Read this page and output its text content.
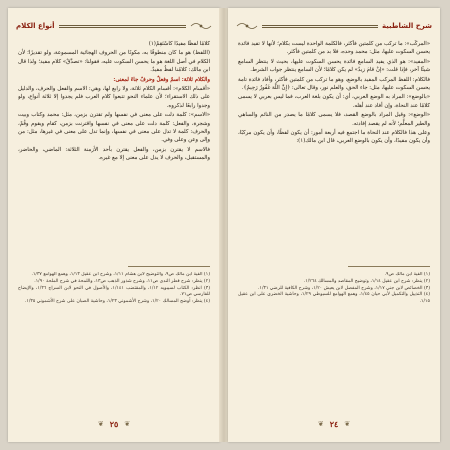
أنواع الكلام

كلامًا لفظًا مفيدًا كاسْتَقِمْ(١)

(اللفظ) هو ما كان منطوقًا به، مكونًا من الحروف الهجائية المسموعة، ولو تقديرًا؛ لأن الكلام في أصل اللغة هو ما يحسن السكوت عليه، فقولنا: «تصدَّقْ» كلام مفيد؛ ولذا قال ابن مالك: كلامُنا لفظٌ مفيدٌ.

والكلام ثلاثة: اسمٌ وفعلٌ وحرفٌ جاءَ لمعنى:

«أقسام الكلام»: أقسام الكلام ثلاثة، ولا رابع لها، وهي: الاسم والفعل والحرف، والدليل على ذلك الاستقراء؛ لأن علماء النحو تتبعوا كلام العرب فلم يجدوا إلا ثلاثة أنواع، ولو وجدوا رابعًا لذكروه.

«الاسم»: كلمة دلت على معنى في نفسها ولم تقترن بزمن، مثل: محمد وكتاب وبيت وشجرة، والفعل: كلمة دلت على معنى في نفسها واقترنت بزمن، كقام ويقوم وقُمْ، والحرف: كلمة لا تدل على معنى في نفسها، وإنما تدل على معنى في غيرها، مثل: من وإلى وعن وعلى وفي.

فالاسم لا يقترن بزمن، والفعل يقترن بأحد الأزمنة الثلاثة: الماضي، والحاضر، والمستقبل، والحرف لا يدل على معنى إلا مع غيره.

(١) ألفية ابن مالك ص٩، والتوضيح لابن هشام ١/١١، وشرح ابن عقيل ١/١٣، وهمع الهوامع ١/٣٧.
(٢) ينظر: شرح قطر الندى ص١١، وشرح شذور الذهب ص١٣، واللمحة في شرح الملحة ١/٩٠.
(٣) انظر: الكتاب لسيبويه ١/١٢، والمقتضب ١/١٤١، والأصول في النحو لابن السراج ١/٣٦، والإيضاح للفارسي ص٧١.
(٤) ينظر: أوضح المسالك ١/٢٠، وشرح الأشموني ١/٢٣، وحاشية الصبان على شرح الأشموني ١/٣٥.
❦ ٢٥ ❦
شرح الشاطبية

«المركّب»: ما تركب من كلمتين فأكثر، فالكلمة الواحدة ليست بكلام؛ لأنها لا تفيد فائدة يحسن السكوت عليها، مثل: محمد وحده، فلا بد من كلمتين فأكثر.

«المفيد»: هو الذي يفيد السامع فائدة يحسن السكوت عليها، بحيث لا ينتظر السامع شيئًا آخر، فإذا قلت: «إنْ قامَ زيدٌ» لم يكن كلامًا؛ لأن السامع ينتظر جواب الشرط.

فالكلام: اللفظ المركب المفيد بالوضع، وهو ما تركب من كلمتين فأكثر، وأفاد فائدة تامة يحسن السكوت عليها، مثل: جاء الحق، والعلم نور، وقال تعالى: ﴿إِنَّ اللَّهَ غَفُورٌ رَحِيمٌ﴾.

«بالوضع»: المراد به الوضع العربي، أي: أن يكون بلغة العرب، فما ليس بعربي لا يسمى كلامًا عند النحاة، وإن أفاد عند أهله.

«الوضع»: وقيل المراد بالوضع القصد، فلا يسمى كلامًا ما يصدر من النائم والساهي والطير المعلَّم؛ لأنه لم يقصد إفادته.

وعلى هذا فالكلام عند النحاة ما اجتمع فيه أربعة أمور: أن يكون لفظًا، وأن يكون مركبًا، وأن يكون مفيدًا، وأن يكون بالوضع العربي، قال ابن مالك(١):

(١) ألفية ابن مالك ص٩.
(٢) ينظر: شرح ابن عقيل ١/١٤، وتوضيح المقاصد والمسالك ١/٢٦٤.
(٣) الخصائص لابن جني ١/١٧، وشرح المفصل لابن يعيش ١/٢٠، وشرح الكافية للرضي ١/٣١.
(٤) التذييل والتكميل لأبي حيان ١/٤٥، وهمع الهوامع للسيوطي ١/٢٩، وحاشية الخضري على ابن عقيل ١/١٥.
❦ ٢٤ ❦
